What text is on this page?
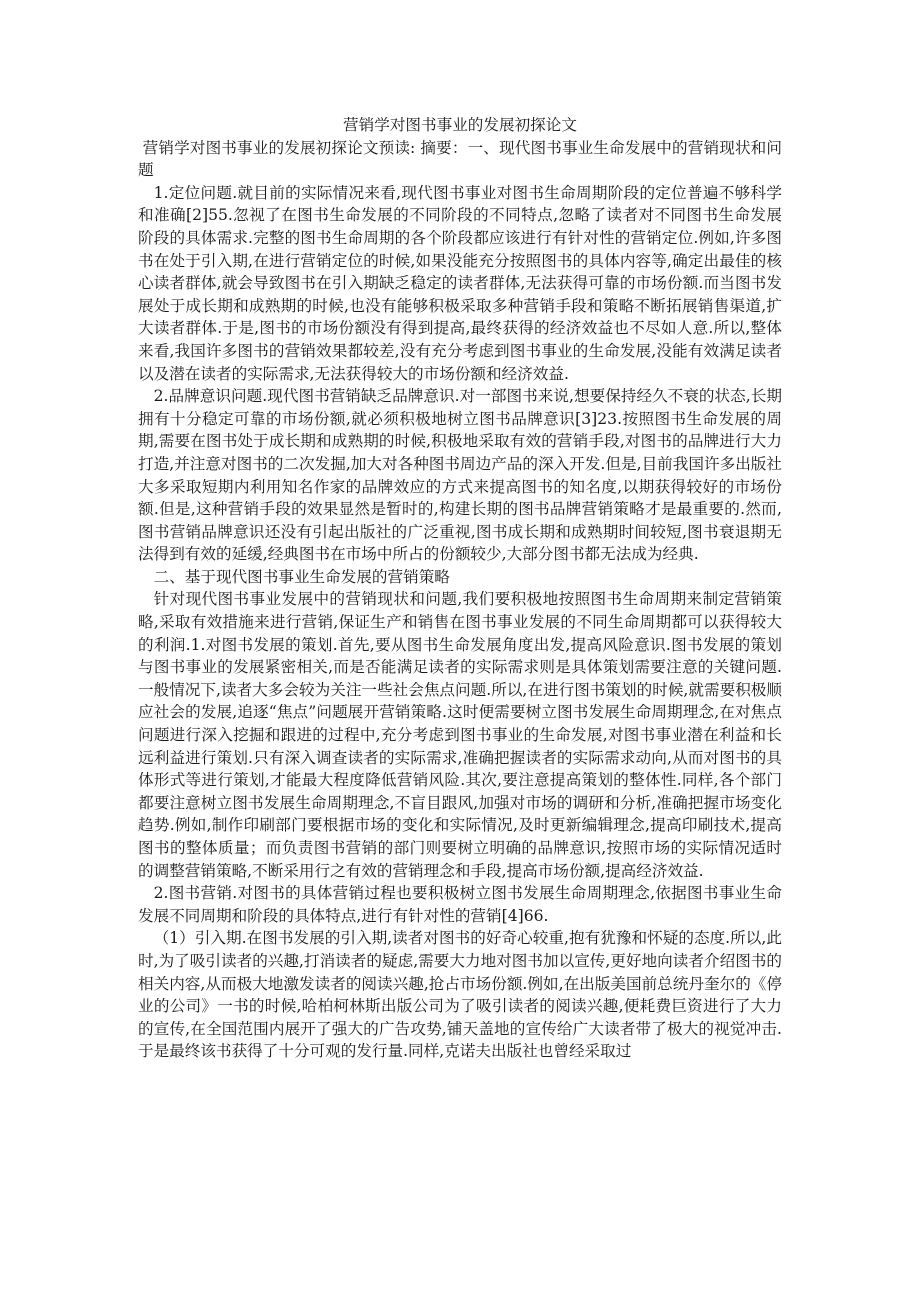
营销学对图书事业的发展初探论文

营销学对图书事业的发展初探论文预读: 摘要：一、现代图书事业生命发展中的营销现状和问题

1.定位问题.就目前的实际情况来看,现代图书事业对图书生命周期阶段的定位普遍不够科学和准确[2]55.忽视了在图书生命发展的不同阶段的不同特点,忽略了读者对不同图书生命发展阶段的具体需求.完整的图书生命周期的各个阶段都应该进行有针对性的营销定位.例如,许多图书在处于引入期,在进行营销定位的时候,如果没能充分按照图书的具体内容等,确定出最佳的核心读者群体,就会导致图书在引入期缺乏稳定的读者群体,无法获得可靠的市场份额.而当图书发展处于成长期和成熟期的时候,也没有能够积极采取多种营销手段和策略不断拓展销售渠道,扩大读者群体.于是,图书的市场份额没有得到提高,最终获得的经济效益也不尽如人意.所以,整体来看,我国许多图书的营销效果都较差,没有充分考虑到图书事业的生命发展,没能有效满足读者以及潜在读者的实际需求,无法获得较大的市场份额和经济效益.

2.品牌意识问题.现代图书营销缺乏品牌意识.对一部图书来说,想要保持经久不衰的状态,长期拥有十分稳定可靠的市场份额,就必须积极地树立图书品牌意识[3]23.按照图书生命发展的周期,需要在图书处于成长期和成熟期的时候,积极地采取有效的营销手段,对图书的品牌进行大力打造,并注意对图书的二次发掘,加大对各种图书周边产品的深入开发.但是,目前我国许多出版社大多采取短期内利用知名作家的品牌效应的方式来提高图书的知名度,以期获得较好的市场份额.但是,这种营销手段的效果显然是暂时的,构建长期的图书品牌营销策略才是最重要的.然而,图书营销品牌意识还没有引起出版社的广泛重视,图书成长期和成熟期时间较短,图书衰退期无法得到有效的延缓,经典图书在市场中所占的份额较少,大部分图书都无法成为经典.

二、基于现代图书事业生命发展的营销策略

针对现代图书事业发展中的营销现状和问题,我们要积极地按照图书生命周期来制定营销策略,采取有效措施来进行营销,保证生产和销售在图书事业发展的不同生命周期都可以获得较大的利润.1.对图书发展的策划.首先,要从图书生命发展角度出发,提高风险意识.图书发展的策划与图书事业的发展紧密相关,而是否能满足读者的实际需求则是具体策划需要注意的关键问题.一般情况下,读者大多会较为关注一些社会焦点问题.所以,在进行图书策划的时候,就需要积极顺应社会的发展,追逐“焦点”问题展开营销策略.这时便需要树立图书发展生命周期理念,在对焦点问题进行深入挖掘和跟进的过程中,充分考虑到图书事业的生命发展,对图书事业潜在利益和长远利益进行策划.只有深入调查读者的实际需求,准确把握读者的实际需求动向,从而对图书的具体形式等进行策划,才能最大程度降低营销风险.其次,要注意提高策划的整体性.同样,各个部门都要注意树立图书发展生命周期理念,不盲目跟风,加强对市场的调研和分析,准确把握市场变化趋势.例如,制作印刷部门要根据市场的变化和实际情况,及时更新编辑理念,提高印刷技术,提高图书的整体质量；而负责图书营销的部门则要树立明确的品牌意识,按照市场的实际情况适时的调整营销策略,不断采用行之有效的营销理念和手段,提高市场份额,提高经济效益.

2.图书营销.对图书的具体营销过程也要积极树立图书发展生命周期理念,依据图书事业生命发展不同周期和阶段的具体特点,进行有针对性的营销[4]66.

（1）引入期.在图书发展的引入期,读者对图书的好奇心较重,抱有犹豫和怀疑的态度.所以,此时,为了吸引读者的兴趣,打消读者的疑虑,需要大力地对图书加以宣传,更好地向读者介绍图书的相关内容,从而极大地激发读者的阅读兴趣,抢占市场份额.例如,在出版美国前总统丹奎尔的《停业的公司》一书的时候,哈柏柯林斯出版公司为了吸引读者的阅读兴趣,便耗费巨资进行了大力的宣传,在全国范围内展开了强大的广告攻势,铺天盖地的宣传给广大读者带了极大的视觉冲击.于是最终该书获得了十分可观的发行量.同样,克诺夫出版社也曾经采取过
